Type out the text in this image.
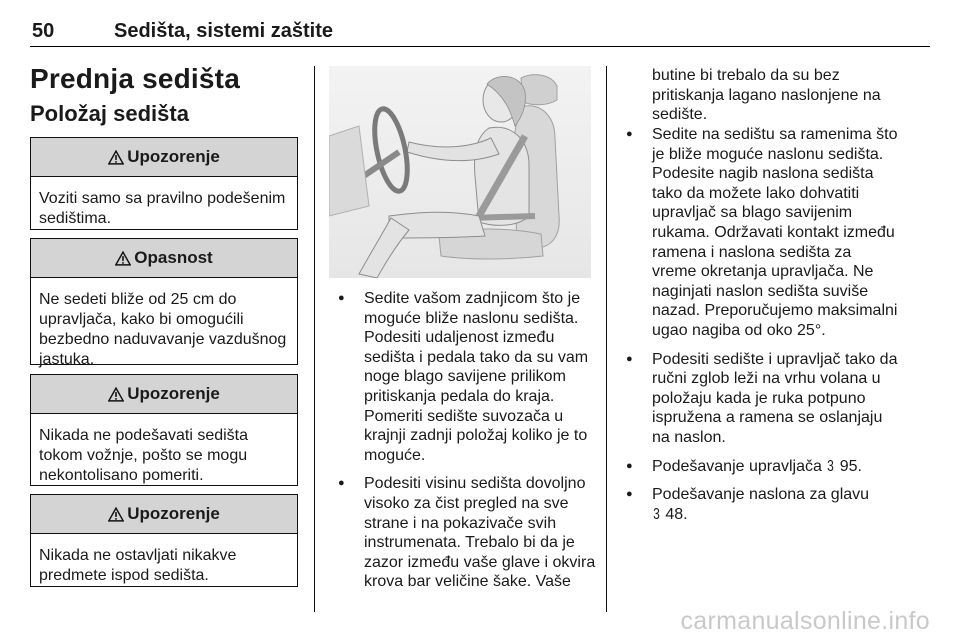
50	Sedišta, sistemi zaštite
Prednja sedišta
Položaj sedišta
Upozorenje
Voziti samo sa pravilno podešenim sedištima.
Opasnost
Ne sedeti bliže od 25 cm do upravljača, kako bi omogućili bezbedno naduvavanje vazdušnog jastuka.
Upozorenje
Nikada ne podešavati sedišta tokom vožnje, pošto se mogu nekontolisano pomeriti.
Upozorenje
Nikada ne ostavljati nikakve predmete ispod sedišta.
● Sedite vašom zadnjicom što je moguće bliže naslonu sedišta. Podesiti udaljenost između sedišta i pedala tako da su vam noge blago savijene prilikom pritiskanja pedala do kraja. Pomeriti sedište suvozača u krajnji zadnji položaj koliko je to moguće.
● Podesiti visinu sedišta dovoljno visoko za čist pregled na sve strane i na pokazivače svih instrumenata. Trebalo bi da je zazor između vaše glave i okvira krova bar veličine šake. Vaše
butine bi trebalo da su bez pritiskanja lagano naslonjene na sedište.
● Sedite na sedištu sa ramenima što je bliže moguće naslonu sedišta. Podesite nagib naslona sedišta tako da možete lako dohvatiti upravljač sa blago savijenim rukama. Održavati kontakt između ramena i naslona sedišta za vreme okretanja upravljača. Ne naginjati naslon sedišta suviše nazad. Preporučujemo maksimalni ugao nagiba od oko 25°.
● Podesiti sedište i upravljač tako da ručni zglob leži na vrhu volana u položaju kada je ruka potpuno ispružena a ramena se oslanjaju na naslon.
● Podešavanje upravljača 3 95.
● Podešavanje naslona za glavu
3 48.
carmanualsonline.info
